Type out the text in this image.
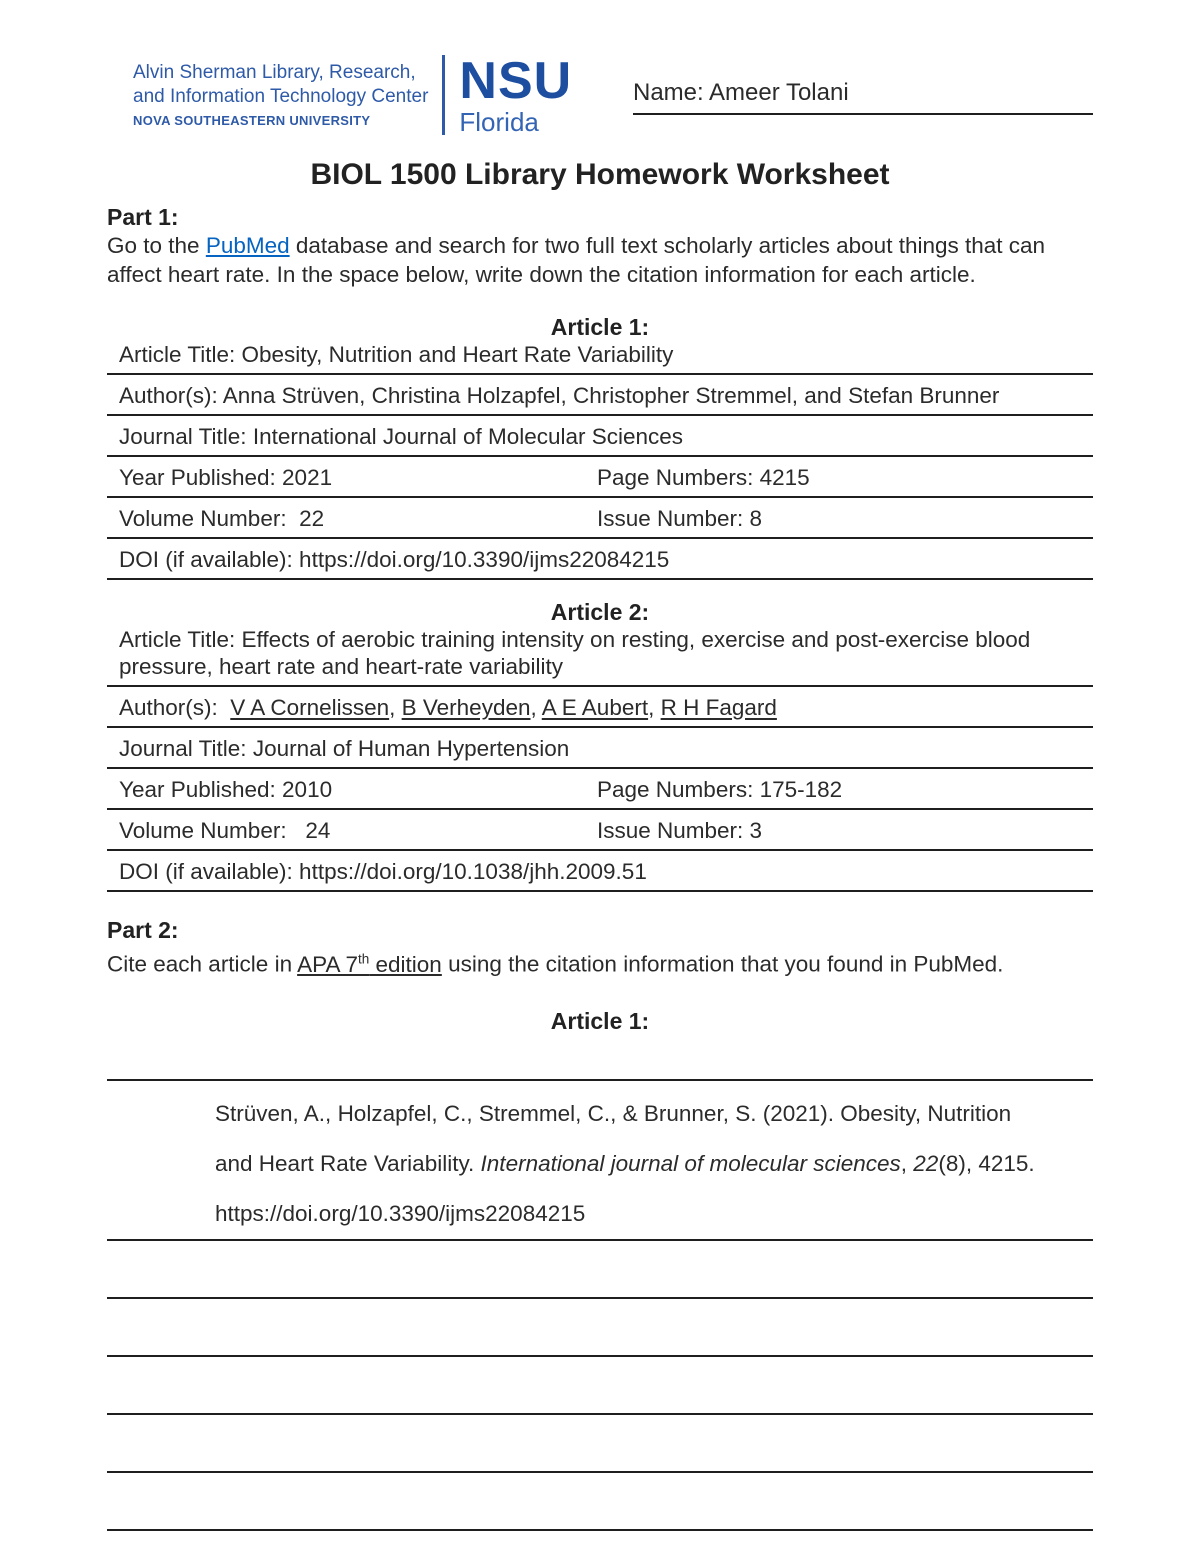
Alvin Sherman Library, Research,
and Information Technology Center
NOVA SOUTHEASTERN UNIVERSITY
NSU
Florida
Name: Ameer Tolani
BIOL 1500 Library Homework Worksheet
Part 1:
Go to the PubMed database and search for two full text scholarly articles about things that can affect heart rate. In the space below, write down the citation information for each article.
Article 1:
Article Title: Obesity, Nutrition and Heart Rate Variability
Author(s): Anna Strüven, Christina Holzapfel, Christopher Stremmel, and Stefan Brunner
Journal Title: International Journal of Molecular Sciences
Year Published: 2021	Page Numbers: 4215
Volume Number:  22	Issue Number: 8
DOI (if available): https://doi.org/10.3390/ijms22084215
Article 2:
Article Title: Effects of aerobic training intensity on resting, exercise and post-exercise blood pressure, heart rate and heart-rate variability
Author(s):  V A Cornelissen, B Verheyden, A E Aubert, R H Fagard
Journal Title: Journal of Human Hypertension
Year Published: 2010	Page Numbers: 175-182
Volume Number:   24	Issue Number: 3
DOI (if available): https://doi.org/10.1038/jhh.2009.51
Part 2:
Cite each article in APA 7th edition using the citation information that you found in PubMed.
Article 1:
Strüven, A., Holzapfel, C., Stremmel, C., & Brunner, S. (2021). Obesity, Nutrition
and Heart Rate Variability. International journal of molecular sciences, 22(8), 4215.
https://doi.org/10.3390/ijms22084215
